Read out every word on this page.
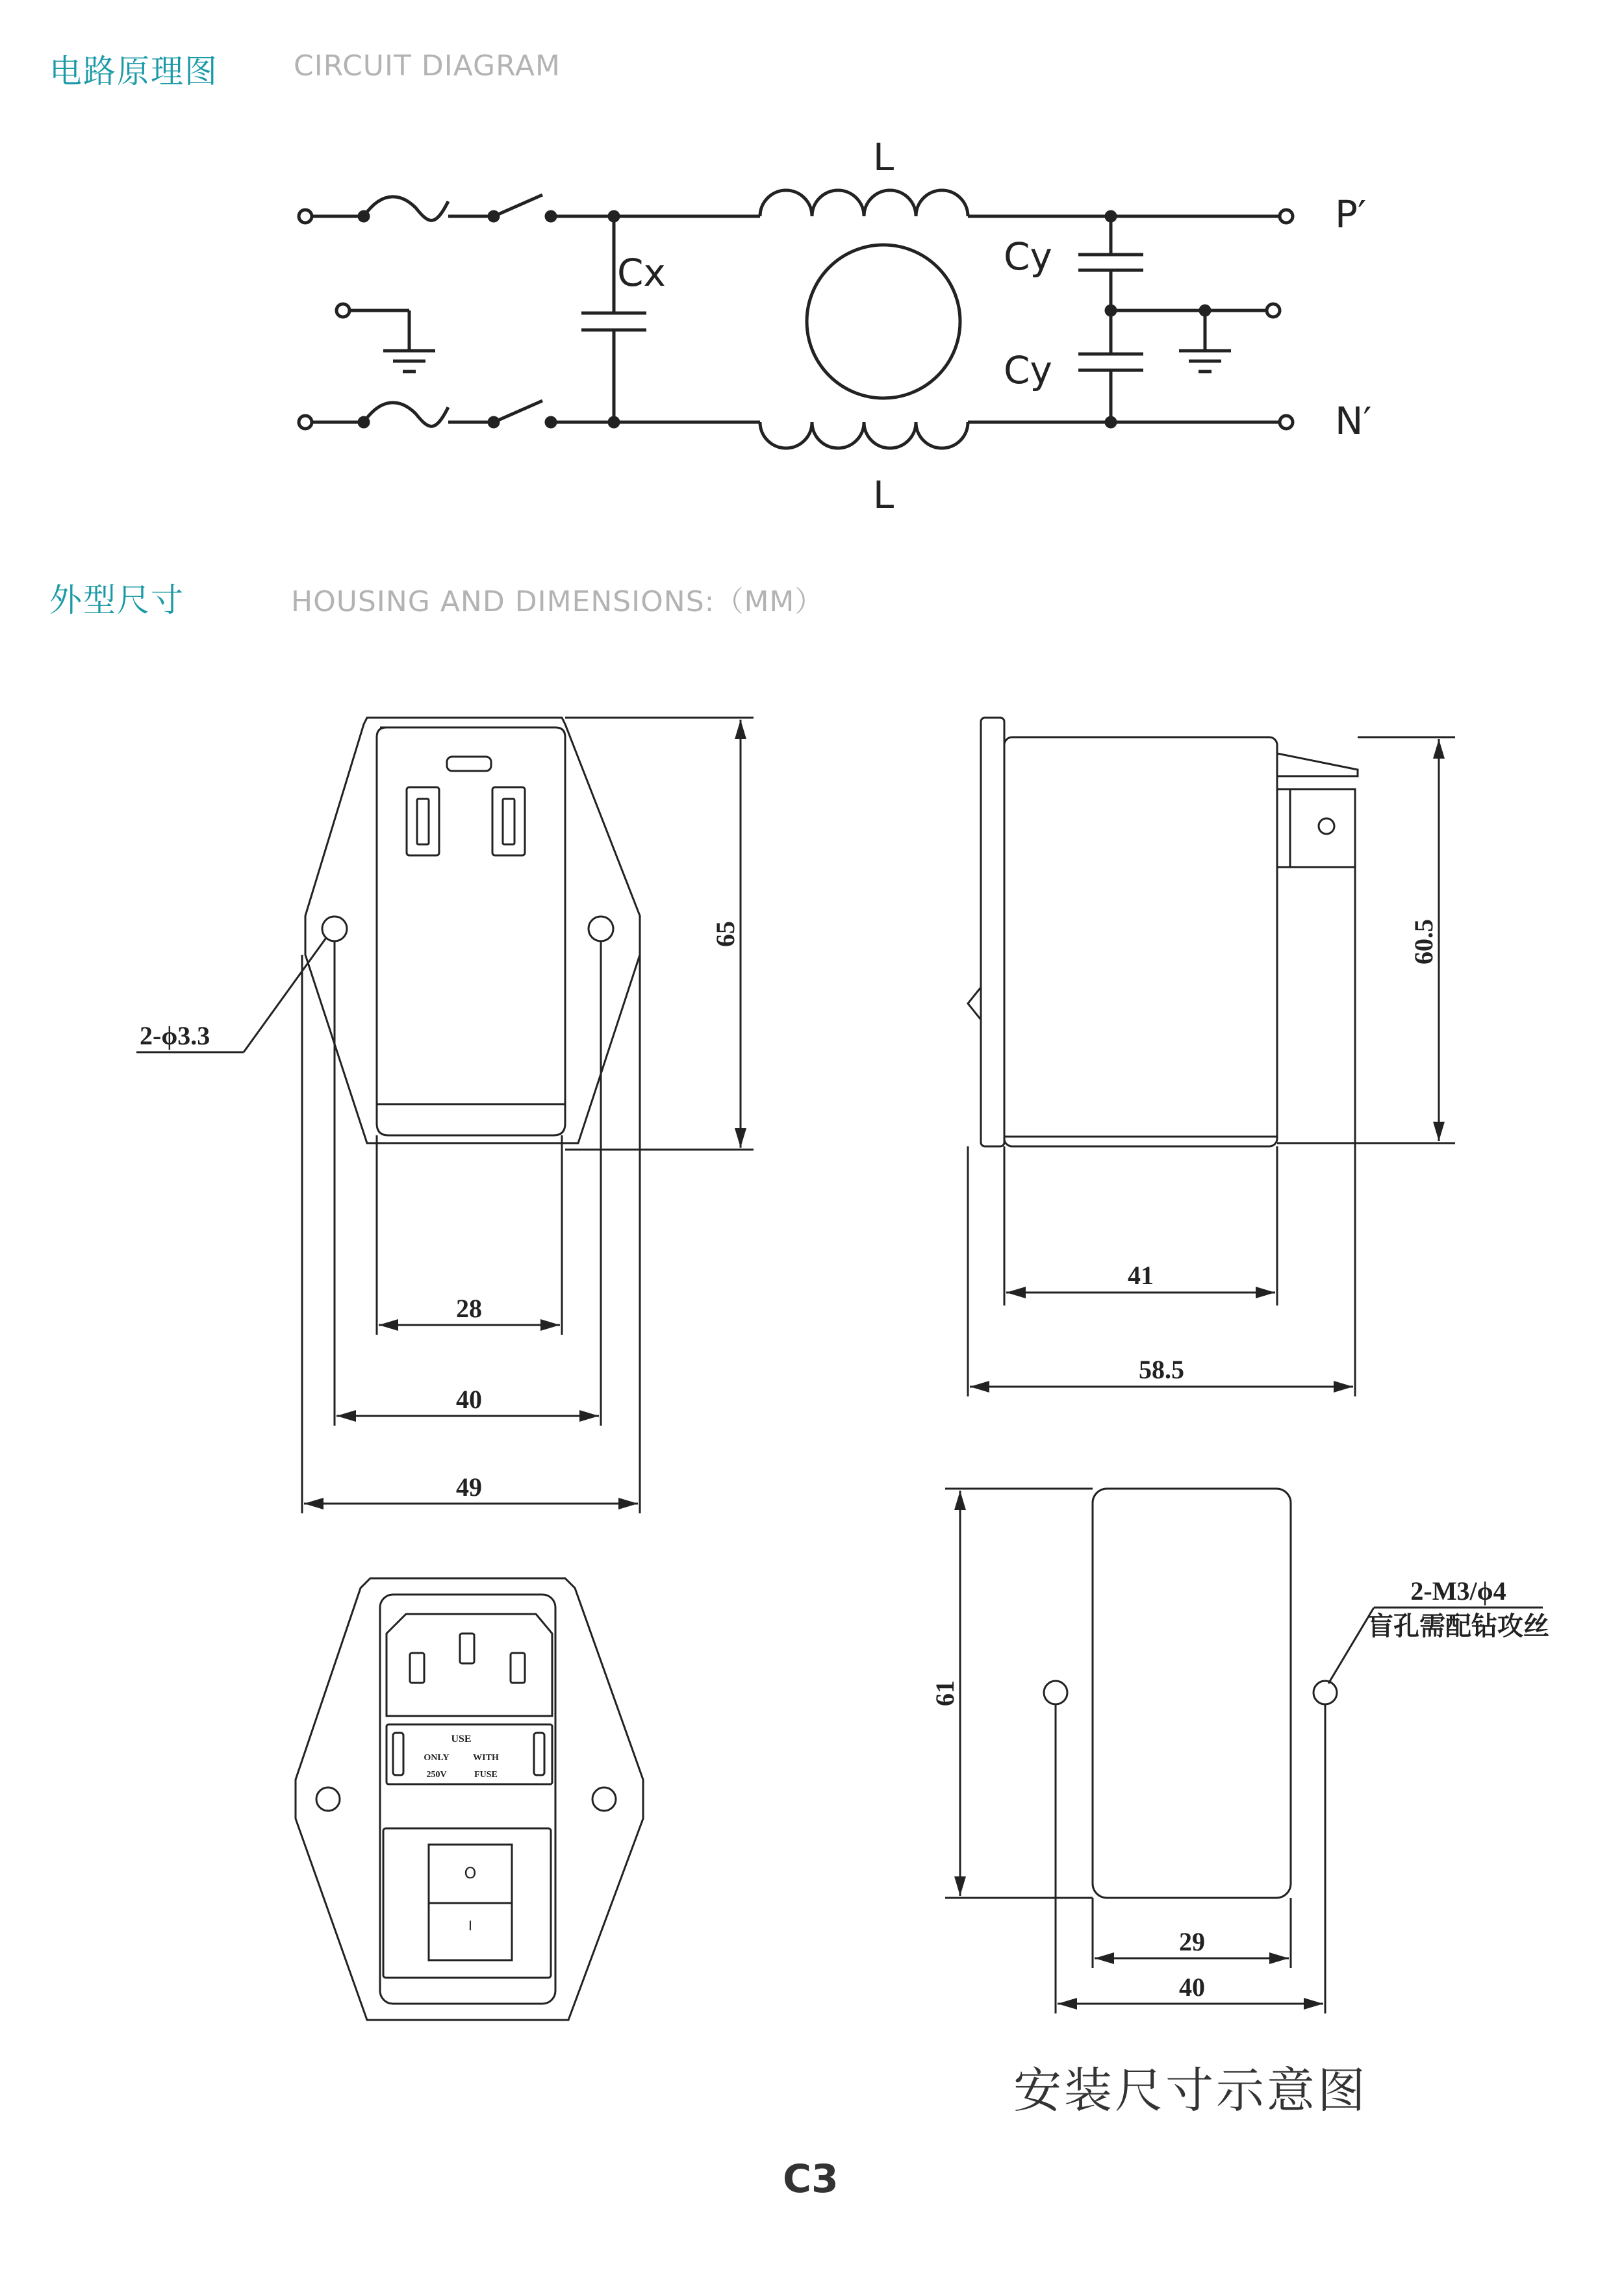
电路原理图	CIRCUIT DIAGRAM
外型尺寸	HOUSING AND DIMENSIONS:（MM）
L
L
Cx	Cy
Cy
P′
N′
2-ϕ3.3
65
28
40
49
60.5
41
58.5
USE
ONLY	WITH
250V	FUSE
O
I
61
29
40
2-M3/ϕ4
盲孔需配钻攻丝
安装尺寸示意图
C3
